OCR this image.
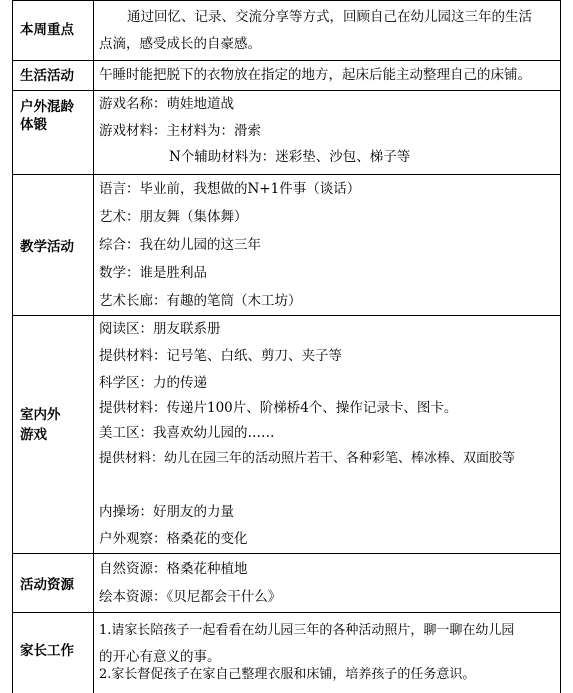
本周重点
通过回忆、记录、交流分享等方式，回顾自己在幼儿园这三年的生活
点滴，感受成长的自豪感。
生活活动 午睡时能把脱下的衣物放在指定的地方，起床后能主动整理自己的床铺。
户外混龄
体锻
游戏名称：萌娃地道战
游戏材料：主材料为：滑索
N个辅助材料为：迷彩垫、沙包、梯子等
教学活动
语言：毕业前，我想做的N+1件事（谈话）
艺术：朋友舞（集体舞）
综合：我在幼儿园的这三年
数学：谁是胜利品
艺术长廊：有趣的笔筒（木工坊）
室内外
游戏
阅读区：朋友联系册
提供材料：记号笔、白纸、剪刀、夹子等
科学区：力的传递
提供材料：传递片100片、阶梯桥4个、操作记录卡、图卡。
美工区：我喜欢幼儿园的……
提供材料：幼儿在园三年的活动照片若干、各种彩笔、棒冰棒、双面胶等
内操场：好朋友的力量
户外观察：格桑花的变化
活动资源
自然资源：格桑花种植地
绘本资源：《贝尼都会干什么》
家长工作
1.请家长陪孩子一起看看在幼儿园三年的各种活动照片，聊一聊在幼儿园
的开心有意义的事。
2.家长督促孩子在家自己整理衣服和床铺，培养孩子的任务意识。
